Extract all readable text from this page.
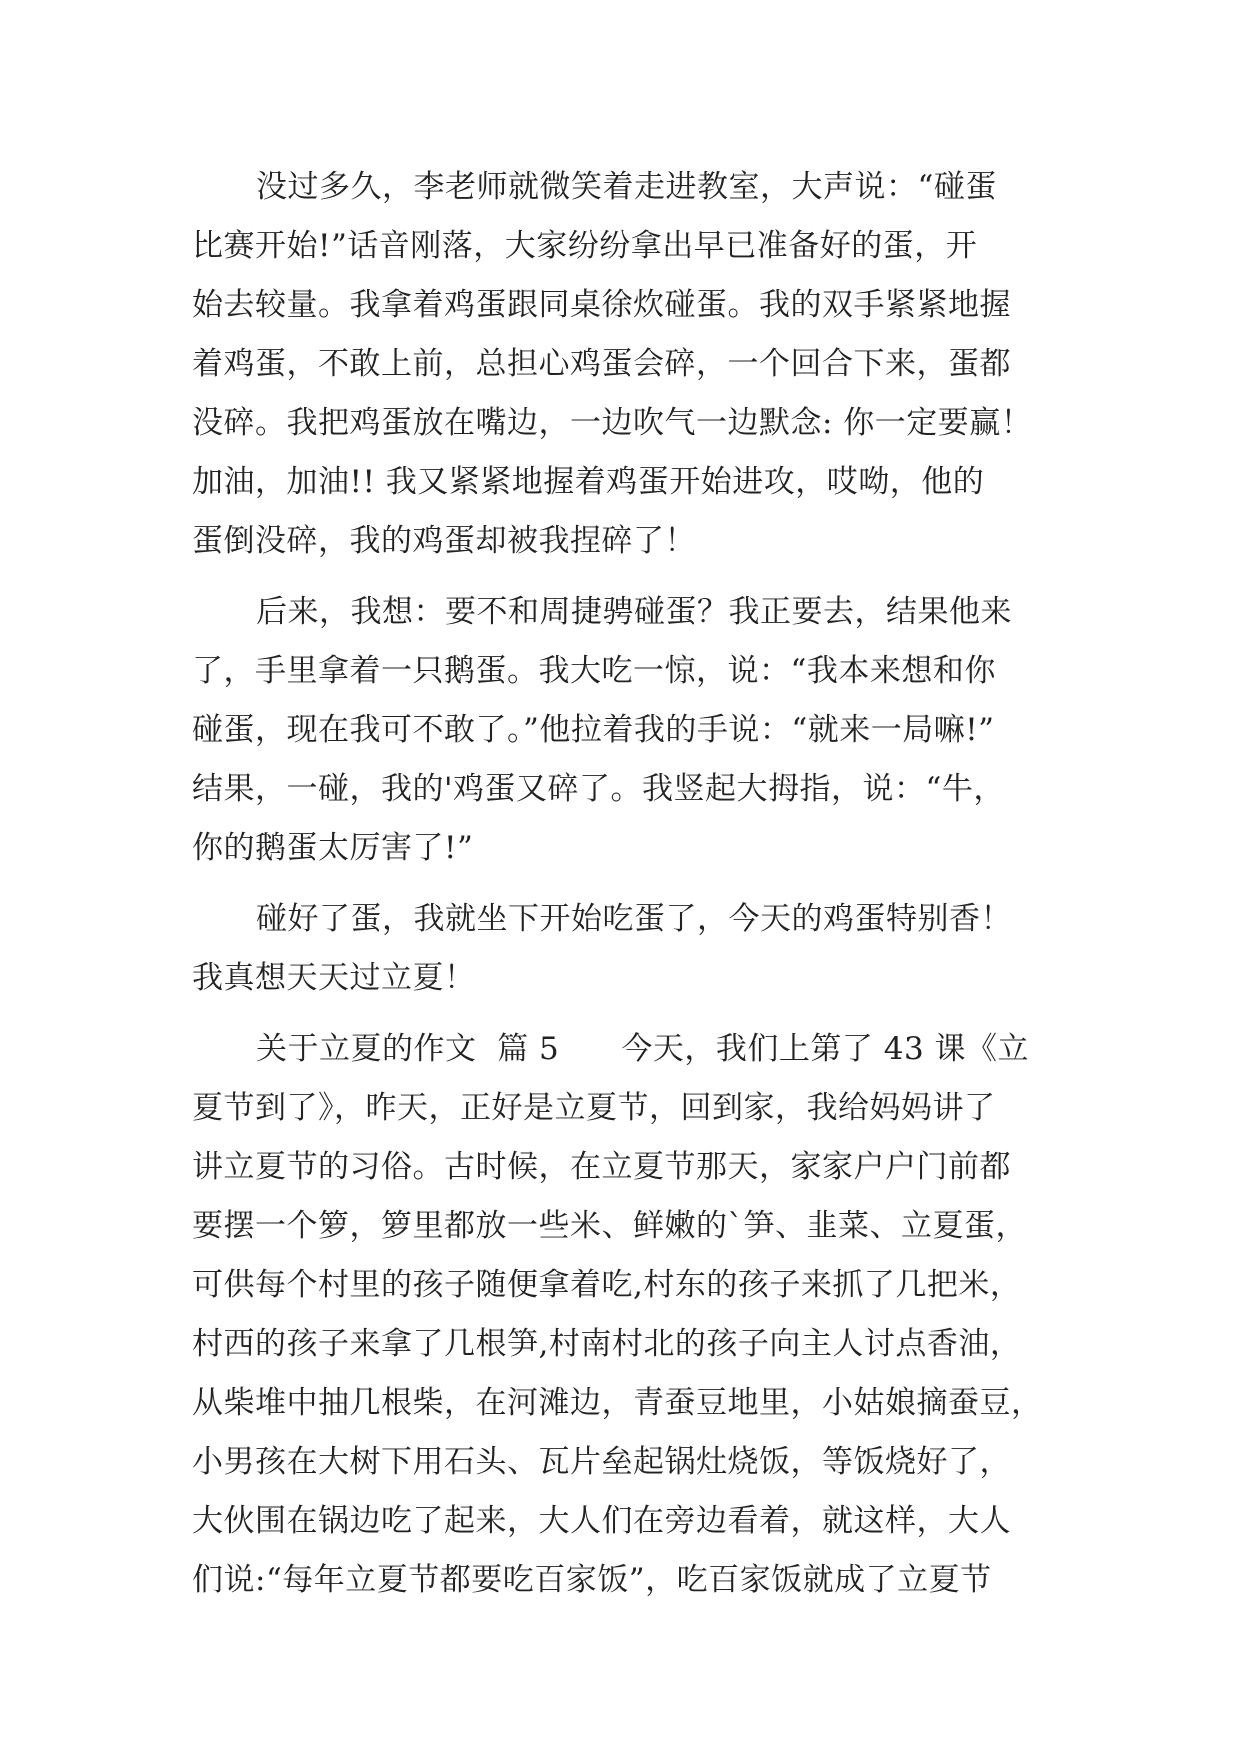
没过多久，李老师就微笑着走进教室，大声说：“碰蛋
比赛开始!”话音刚落，大家纷纷拿出早已准备好的蛋，开
始去较量。我拿着鸡蛋跟同桌徐炊碰蛋。我的双手紧紧地握
着鸡蛋，不敢上前，总担心鸡蛋会碎，一个回合下来，蛋都
没碎。我把鸡蛋放在嘴边，一边吹气一边默念: 你一定要赢！
加油，加油!! 我又紧紧地握着鸡蛋开始进攻，哎呦，他的
蛋倒没碎，我的鸡蛋却被我捏碎了！
后来，我想：要不和周捷骋碰蛋？我正要去，结果他来
了，手里拿着一只鹅蛋。我大吃一惊，说：“我本来想和你
碰蛋，现在我可不敢了。”他拉着我的手说：“就来一局嘛!”
结果，一碰，我的'鸡蛋又碎了。我竖起大拇指，说：“牛，
你的鹅蛋太厉害了!”
碰好了蛋，我就坐下开始吃蛋了，今天的鸡蛋特别香！
我真想天天过立夏！
关于立夏的作文  篇 5      今天，我们上第了 43 课《立
夏节到了》，昨天，正好是立夏节，回到家，我给妈妈讲了
讲立夏节的习俗。古时候，在立夏节那天，家家户户门前都
要摆一个箩，箩里都放一些米、鲜嫩的`笋、韭菜、立夏蛋，
可供每个村里的孩子随便拿着吃,村东的孩子来抓了几把米，
村西的孩子来拿了几根笋,村南村北的孩子向主人讨点香油，
从柴堆中抽几根柴，在河滩边，青蚕豆地里，小姑娘摘蚕豆，
小男孩在大树下用石头、瓦片垒起锅灶烧饭，等饭烧好了，
大伙围在锅边吃了起来，大人们在旁边看着，就这样，大人
们说:“每年立夏节都要吃百家饭”，吃百家饭就成了立夏节
